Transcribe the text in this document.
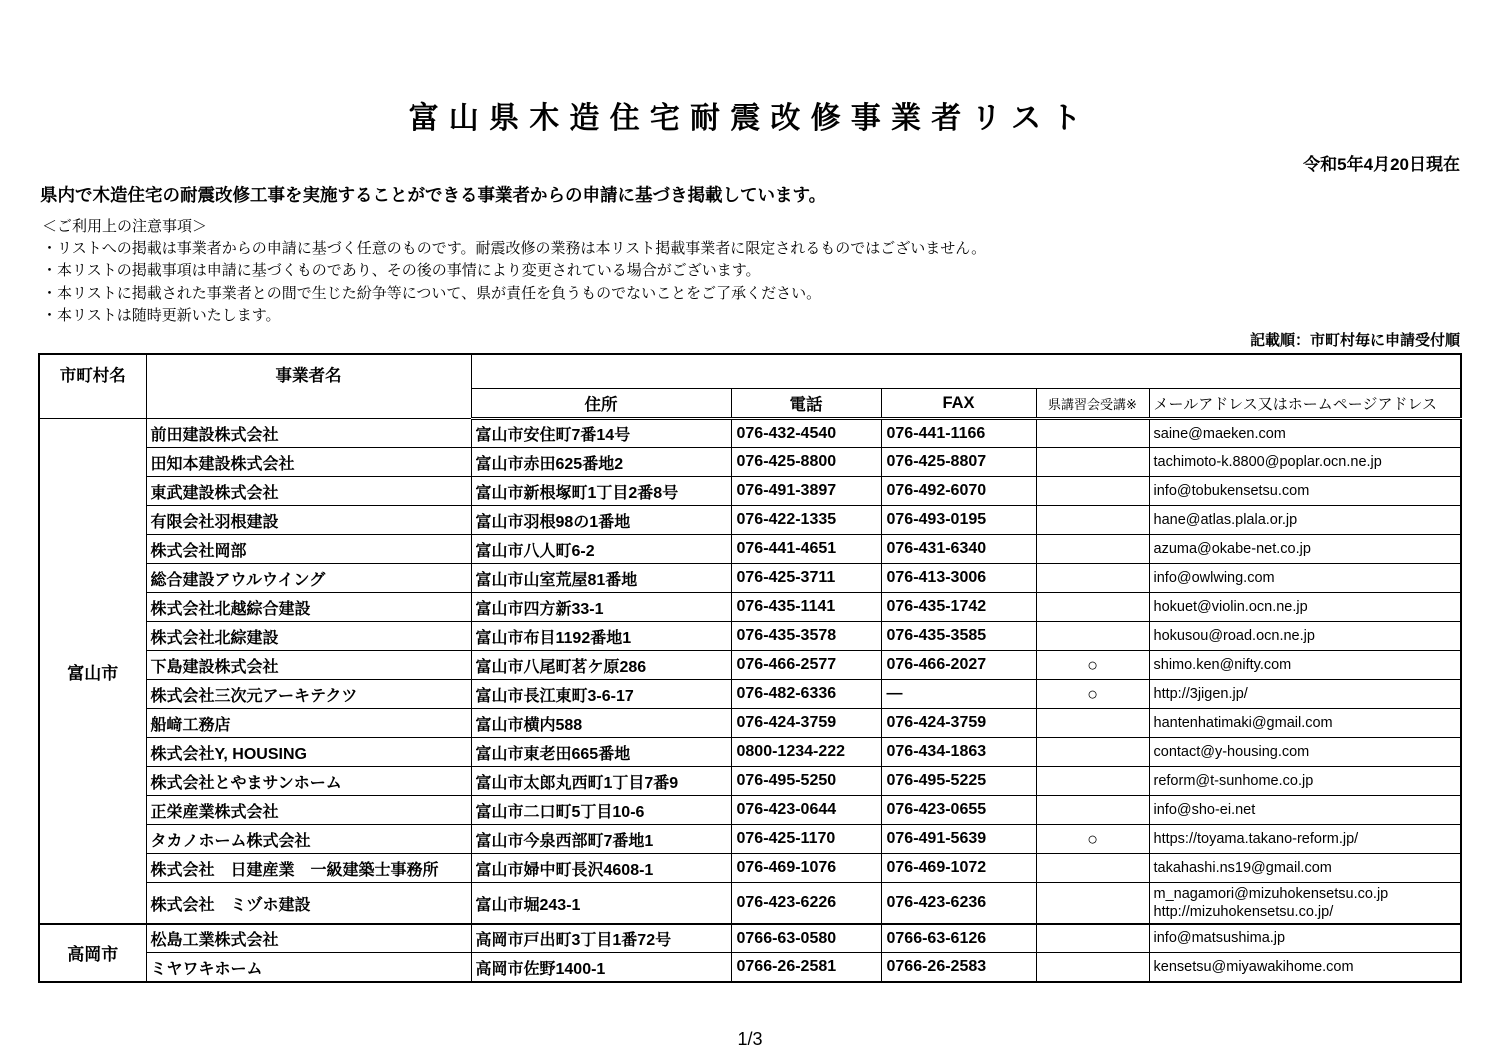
富山県木造住宅耐震改修事業者リスト
令和5年4月20日現在
県内で木造住宅の耐震改修工事を実施することができる事業者からの申請に基づき掲載しています。
＜ご利用上の注意事項＞
・リストへの掲載は事業者からの申請に基づく任意のものです。耐震改修の業務は本リスト掲載事業者に限定されるものではございません。
・本リストの掲載事項は申請に基づくものであり、その後の事情により変更されている場合がございます。
・本リストに掲載された事業者との間で生じた紛争等について、県が責任を負うものでないことをご了承ください。
・本リストは随時更新いたします。
記載順：市町村毎に申請受付順
市町村名	事業者名					
		住所	電話	FAX	県講習会受講※	メールアドレス又はホームページアドレス
富山市	前田建設株式会社	富山市安住町7番14号	076-432-4540	076-441-1166		saine@maeken.com

	田知本建設株式会社	富山市赤田625番地2	076-425-8800	076-425-8807		tachimoto-k.8800@poplar.ocn.ne.jp

	東武建設株式会社	富山市新根塚町1丁目2番8号	076-491-3897	076-492-6070		info@tobukensetsu.com

	有限会社羽根建設	富山市羽根98の1番地	076-422-1335	076-493-0195		hane@atlas.plala.or.jp

	株式会社岡部	富山市八人町6-2	076-441-4651	076-431-6340		azuma@okabe-net.co.jp

	総合建設アウルウイング	富山市山室荒屋81番地	076-425-3711	076-413-3006		info@owlwing.com

	株式会社北越綜合建設	富山市四方新33-1	076-435-1141	076-435-1742		hokuet@violin.ocn.ne.jp

	株式会社北綜建設	富山市布目1192番地1	076-435-3578	076-435-3585		hokusou@road.ocn.ne.jp

	下島建設株式会社	富山市八尾町茗ケ原286	076-466-2577	076-466-2027	○	shimo.ken@nifty.com

	株式会社三次元アーキテクツ	富山市長江東町3-6-17	076-482-6336	―	○	http://3jigen.jp/

	船﨑工務店	富山市横内588	076-424-3759	076-424-3759		hantenhatimaki@gmail.com

	株式会社Y, HOUSING	富山市東老田665番地	0800-1234-222	076-434-1863		contact@y-housing.com

	株式会社とやまサンホーム	富山市太郎丸西町1丁目7番9	076-495-5250	076-495-5225		reform@t-sunhome.co.jp

	正栄産業株式会社	富山市二口町5丁目10-6	076-423-0644	076-423-0655		info@sho-ei.net

	タカノホーム株式会社	富山市今泉西部町7番地1	076-425-1170	076-491-5639	○	https://toyama.takano-reform.jp/

	株式会社　日建産業　一級建築士事務所	富山市婦中町長沢4608-1	076-469-1076	076-469-1072		takahashi.ns19@gmail.com

	株式会社　ミヅホ建設	富山市堀243-1	076-423-6226	076-423-6236		m_nagamori@mizuhokensetsu.co.jp
http://mizuhokensetsu.co.jp/

高岡市	松島工業株式会社	高岡市戸出町3丁目1番72号	0766-63-0580	0766-63-6126		info@matsushima.jp

	ミヤワキホーム	高岡市佐野1400-1	0766-26-2581	0766-26-2583		kensetsu@miyawakihome.com
1/3
